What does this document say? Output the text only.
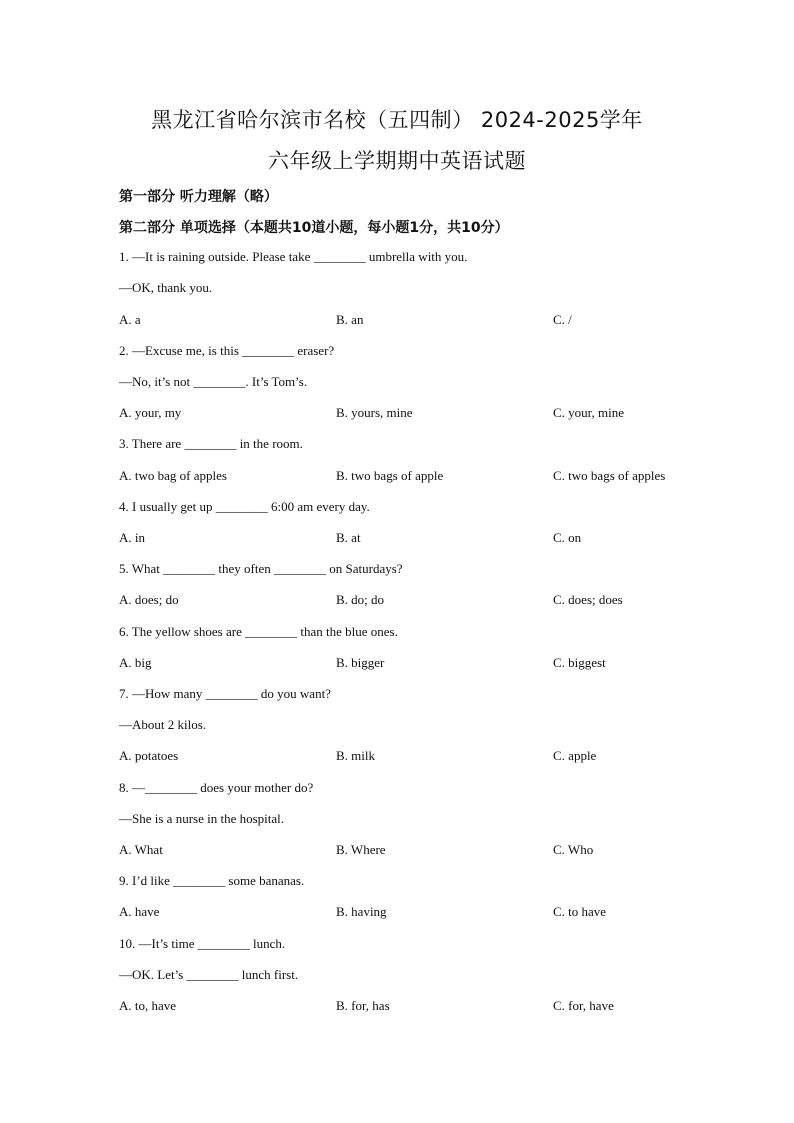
黑龙江省哈尔滨市名校（五四制） 2024-2025学年
六年级上学期期中英语试题
第一部分 听力理解（略）
第二部分 单项选择（本题共10道小题，每小题1分，共10分）
1. —It is raining outside. Please take ________ umbrella with you.
—OK, thank you.
A. a	B. an	C. /
2. —Excuse me, is this ________ eraser?
—No, it’s not ________. It’s Tom’s.
A. your, my	B. yours, mine	C. your, mine
3. There are ________ in the room.
A. two bag of apples	B. two bags of apple	C. two bags of apples
4. I usually get up ________ 6:00 am every day.
A. in	B. at	C. on
5. What ________ they often ________ on Saturdays?
A. does; do	B. do; do	C. does; does
6. The yellow shoes are ________ than the blue ones.
A. big	B. bigger	C. biggest
7. —How many ________ do you want?
—About 2 kilos.
A. potatoes	B. milk	C. apple
8. —________ does your mother do?
—She is a nurse in the hospital.
A. What	B. Where	C. Who
9. I’d like ________ some bananas.
A. have	B. having	C. to have
10. —It’s time ________ lunch.
—OK. Let’s ________ lunch first.
A. to, have	B. for, has	C. for, have
